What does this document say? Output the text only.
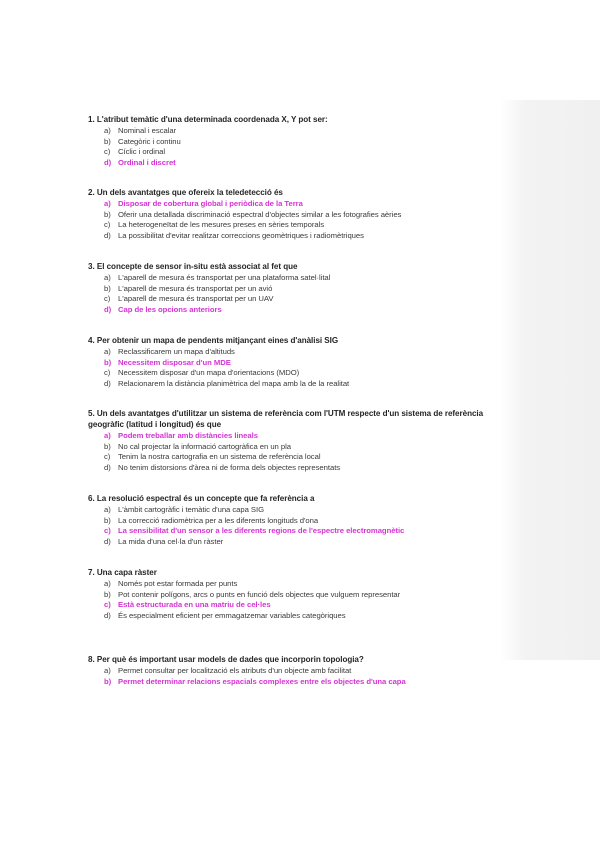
1. L'atribut temàtic d'una determinada coordenada X, Y pot ser:
a) Nominal i escalar
b) Categòric i continu
c) Cíclic i ordinal
d) Ordinal i discret
2. Un dels avantatges que ofereix la teledetecció és
a) Disposar de cobertura global i periòdica de la Terra
b) Oferir una detallada discriminació espectral d'objectes similar a les fotografies aèries
c) La heterogeneïtat de les mesures preses en sèries temporals
d) La possibilitat d'evitar realitzar correccions geomètriques i radiomètriques
3. El concepte de sensor in-situ està associat al fet que
a) L'aparell de mesura és transportat per una plataforma satel·lital
b) L'aparell de mesura és transportat per un avió
c) L'aparell de mesura és transportat per un UAV
d) Cap de les opcions anteriors
4. Per obtenir un mapa de pendents mitjançant eines d'anàlisi SIG
a) Reclassificarem un mapa d'altituds
b) Necessitem disposar d'un MDE
c) Necessitem disposar d'un mapa d'orientacions (MDO)
d) Relacionarem la distància planimètrica del mapa amb la de la realitat
5. Un dels avantatges d'utilitzar un sistema de referència com l'UTM respecte d'un sistema de referència geogràfic (latitud i longitud) és que
a) Podem treballar amb distàncies lineals
b) No cal projectar la informació cartogràfica en un pla
c) Tenim la nostra cartografia en un sistema de referència local
d) No tenim distorsions d'àrea ni de forma dels objectes representats
6. La resolució espectral és un concepte que fa referència a
a) L'àmbit cartogràfic i temàtic d'una capa SIG
b) La correcció radiomètrica per a les diferents longituds d'ona
c) La sensibilitat d'un sensor a les diferents regions de l'espectre electromagnètic
d) La mida d'una cel·la d'un ràster
7. Una capa ràster
a) Només pot estar formada per punts
b) Pot contenir polígons, arcs o punts en funció dels objectes que vulguem representar
c) Està estructurada en una matriu de cel·les
d) És especialment eficient per emmagatzemar variables categòriques
8. Per què és important usar models de dades que incorporin topologia?
a) Permet consultar per localització els atributs d'un objecte amb facilitat
b) Permet determinar relacions espacials complexes entre els objectes d'una capa
